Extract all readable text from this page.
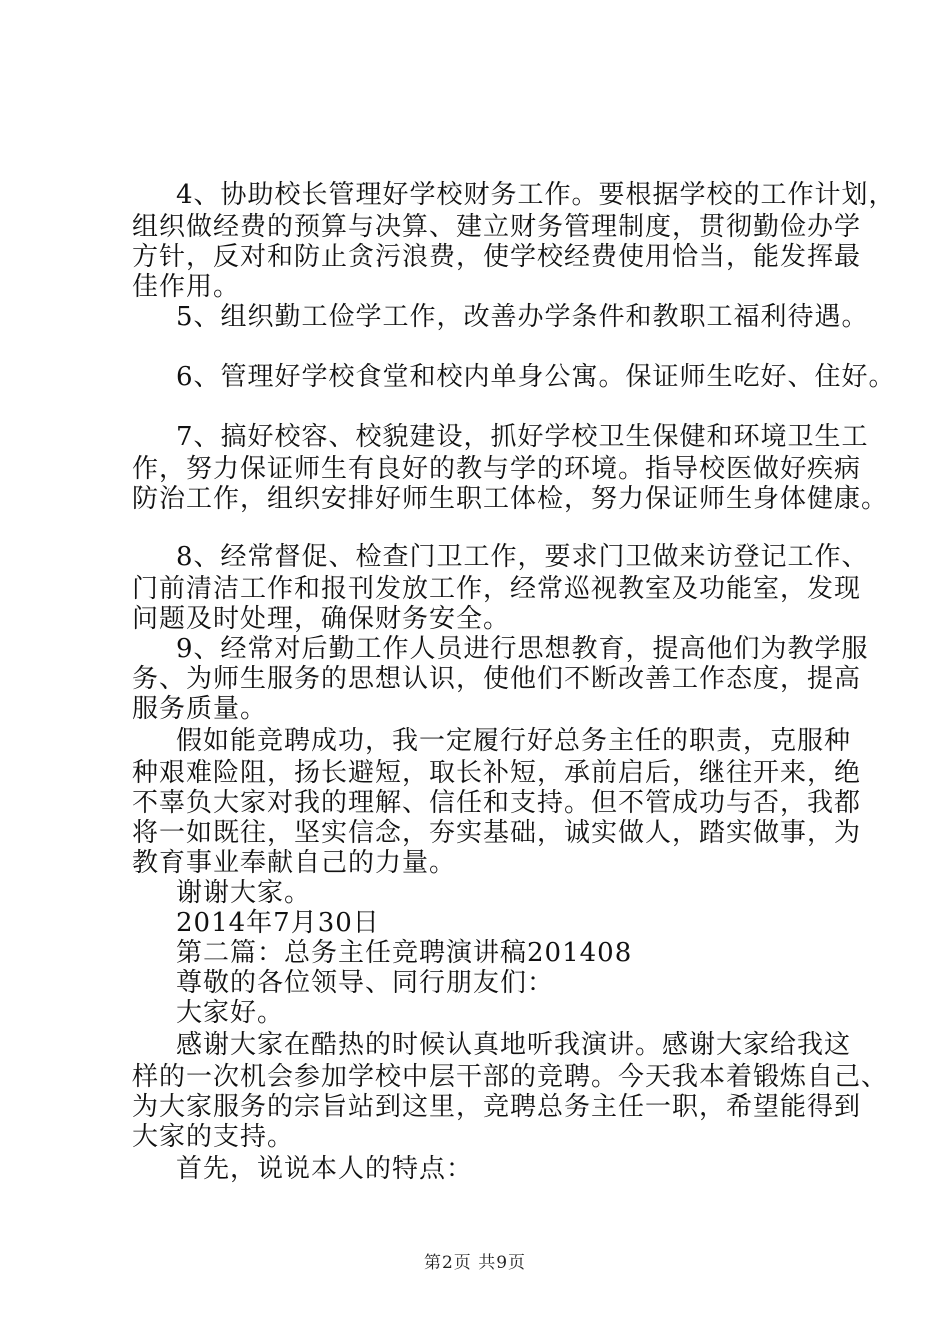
4、协助校长管理好学校财务工作。要根据学校的工作计划，
组织做经费的预算与决算、建立财务管理制度，贯彻勤俭办学
方针，反对和防止贪污浪费，使学校经费使用恰当，能发挥最
佳作用。
5、组织勤工俭学工作，改善办学条件和教职工福利待遇。
6、管理好学校食堂和校内单身公寓。保证师生吃好、住好。
7、搞好校容、校貌建设，抓好学校卫生保健和环境卫生工
作，努力保证师生有良好的教与学的环境。指导校医做好疾病
防治工作，组织安排好师生职工体检，努力保证师生身体健康。
8、经常督促、检查门卫工作，要求门卫做来访登记工作、
门前清洁工作和报刊发放工作，经常巡视教室及功能室，发现
问题及时处理，确保财务安全。
9、经常对后勤工作人员进行思想教育，提高他们为教学服
务、为师生服务的思想认识，使他们不断改善工作态度，提高
服务质量。
假如能竞聘成功，我一定履行好总务主任的职责，克服种
种艰难险阻，扬长避短，取长补短，承前启后，继往开来，绝
不辜负大家对我的理解、信任和支持。但不管成功与否，我都
将一如既往，坚实信念，夯实基础，诚实做人，踏实做事，为
教育事业奉献自己的力量。
谢谢大家。
2014年7月30日
第二篇：总务主任竞聘演讲稿201408
尊敬的各位领导、同行朋友们：
大家好。
感谢大家在酷热的时候认真地听我演讲。感谢大家给我这
样的一次机会参加学校中层干部的竞聘。今天我本着锻炼自己、
为大家服务的宗旨站到这里，竞聘总务主任一职，希望能得到
大家的支持。
首先，说说本人的特点：
第2页 共9页
